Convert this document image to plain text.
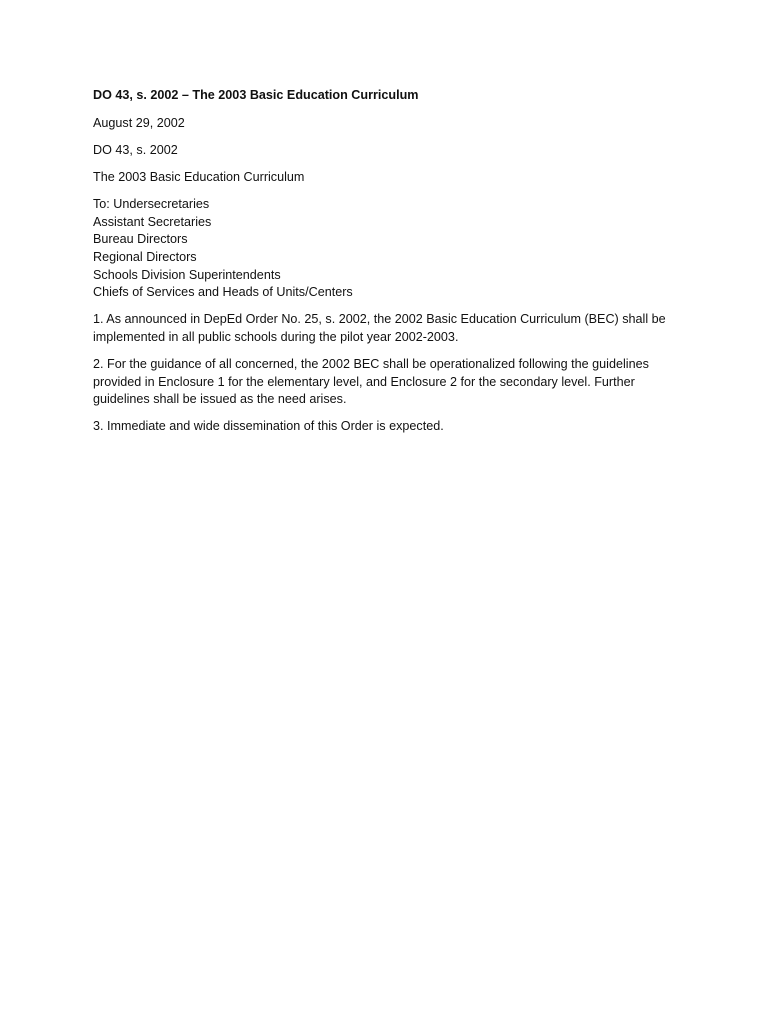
DO 43, s. 2002 – The 2003 Basic Education Curriculum
August 29, 2002
DO 43, s. 2002
The 2003 Basic Education Curriculum
To: Undersecretaries
Assistant Secretaries
Bureau Directors
Regional Directors
Schools Division Superintendents
Chiefs of Services and Heads of Units/Centers
1. As announced in DepEd Order No. 25, s. 2002, the 2002 Basic Education Curriculum (BEC) shall be implemented in all public schools during the pilot year 2002-2003.
2. For the guidance of all concerned, the 2002 BEC shall be operationalized following the guidelines provided in Enclosure 1 for the elementary level, and Enclosure 2 for the secondary level. Further guidelines shall be issued as the need arises.
3. Immediate and wide dissemination of this Order is expected.
